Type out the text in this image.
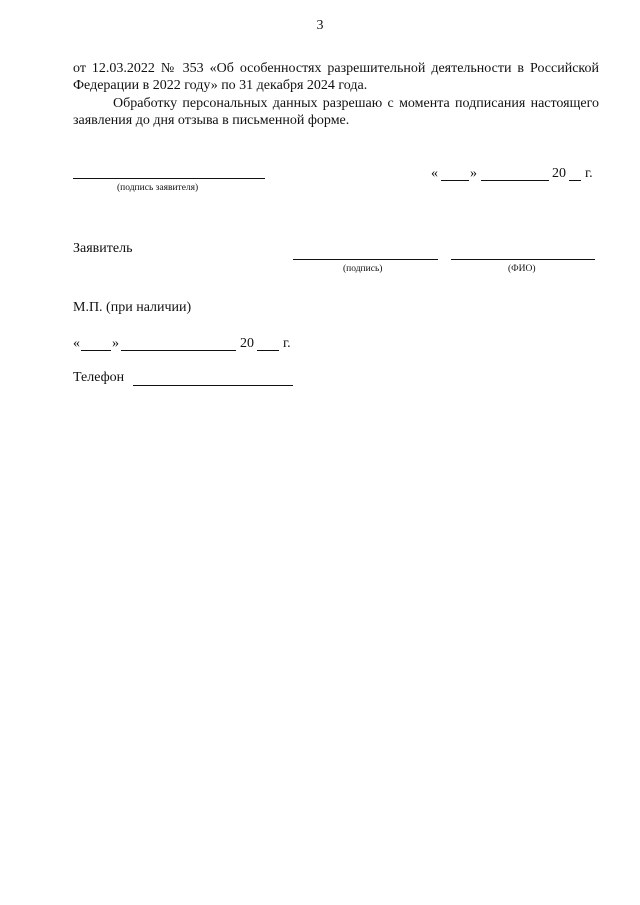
3

от 12.03.2022 № 353 «Об особенностях разрешительной деятельности в Российской Федерации в 2022 году» по 31 декабря 2024 года.

Обработку персональных данных разрешаю с момента подписания настоящего заявления до дня отзыва в письменной форме.

(подпись заявителя)
« »	20 г.
Заявитель
(подпись)	(ФИО)
М.П. (при наличии)
« »	20 г.
Телефон
